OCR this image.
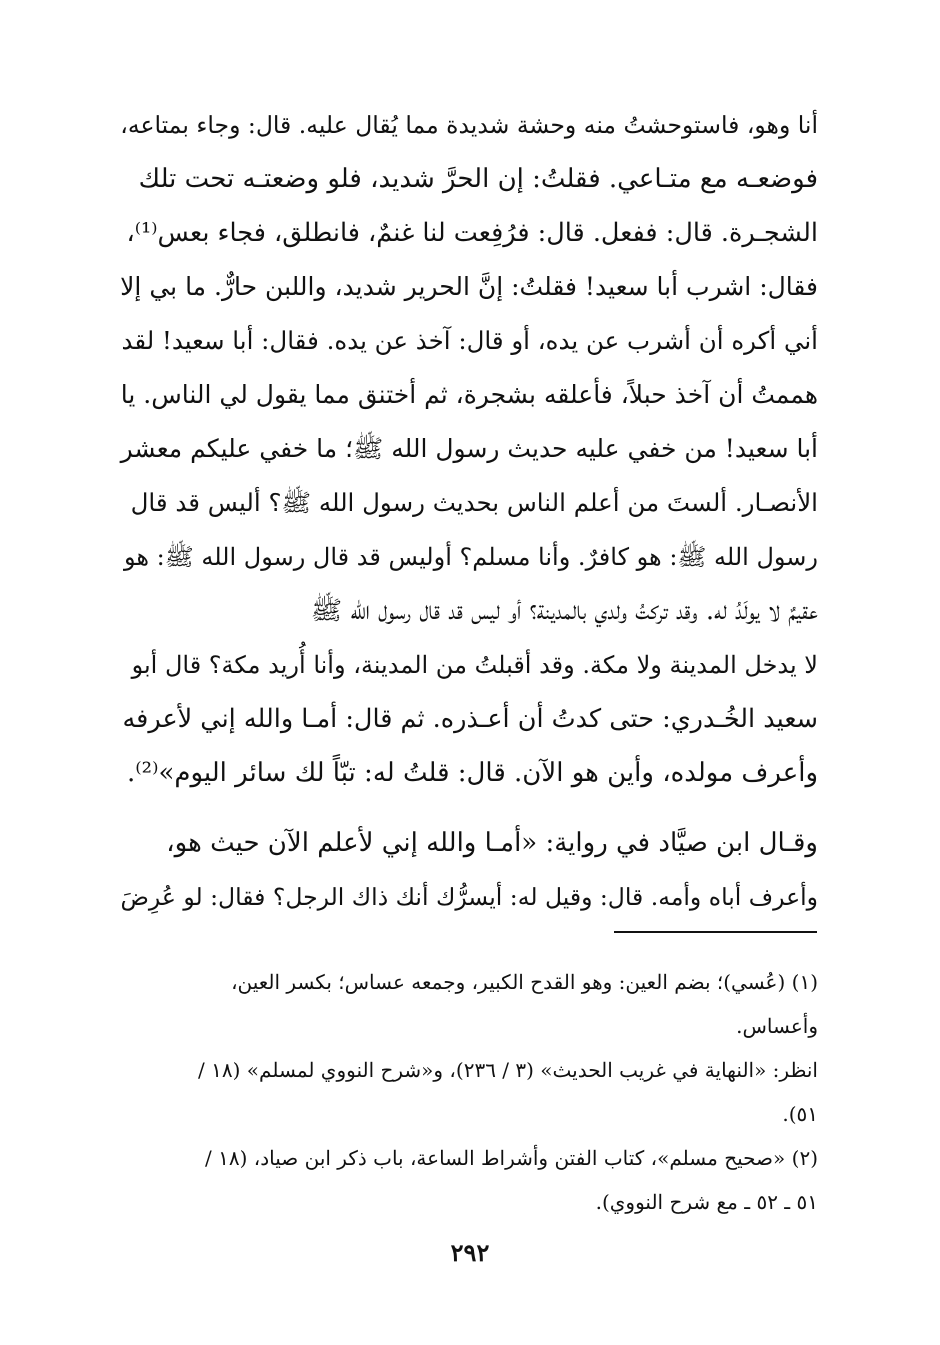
أنا وهو، فاستوحشتُ منه وحشة شديدة مما يُقال عليه. قال: وجاء بمتاعه،
فوضعـه مع متـاعي. فقلتُ: إن الحرَّ شديد، فلو وضعتـه تحت تلك
الشجـرة. قال: ففعل. قال: فرُفِعت لنا غنمٌ، فانطلق، فجاء بعس⁽¹⁾،
فقال: اشرب أبا سعيد! فقلتُ: إنَّ الحرير شديد، واللبن حارٌّ. ما بي إلا
أني أكره أن أشرب عن يده، أو قال: آخذ عن يده. فقال: أبا سعيد! لقد
هممتُ أن آخذ حبلاً، فأعلقه بشجرة، ثم أختنق مما يقول لي الناس. يا
أبا سعيد! من خفي عليه حديث رسول الله ﷺ؛ ما خفي عليكم معشر
الأنصـار. ألستَ من أعلم الناس بحديث رسول الله ﷺ؟ أليس قد قال
رسول الله ﷺ: هو كافرٌ. وأنا مسلم؟ أوليس قد قال رسول الله ﷺ: هو
عقيمٌ لا يولَدُ له. وقد تركتُ ولدي بالمدينة؟ أو ليس قد قال رسول الله ﷺ
لا يدخل المدينة ولا مكة. وقد أقبلتُ من المدينة، وأنا أُريد مكة؟ قال أبو
سعيد الخُـدري: حتى كدتُ أن أعـذره. ثم قال: أمـا والله إني لأعرفه
وأعرف مولده، وأين هو الآن. قال: قلتُ له: تبّاً لك سائر اليوم»⁽²⁾.
وقـال ابن صيَّاد في رواية: «أمـا والله إني لأعلم الآن حيث هو،
وأعرف أباه وأمه. قال: وقيل له: أيسرُّك أنك ذاك الرجل؟ فقال: لو عُرِضَ
(١) (عُسي)؛ بضم العين: وهو القدح الكبير، وجمعه عساس؛ بكسر العين،
وأعساس.
انظر: «النهاية في غريب الحديث» (٣ / ٢٣٦)، و«شرح النووي لمسلم» (١٨ /
٥١).
(٢) «صحيح مسلم»، كتاب الفتن وأشراط الساعة، باب ذكر ابن صياد، (١٨ /
٥١ ـ ٥٢ ـ مع شرح النووي).
٢٩٢
